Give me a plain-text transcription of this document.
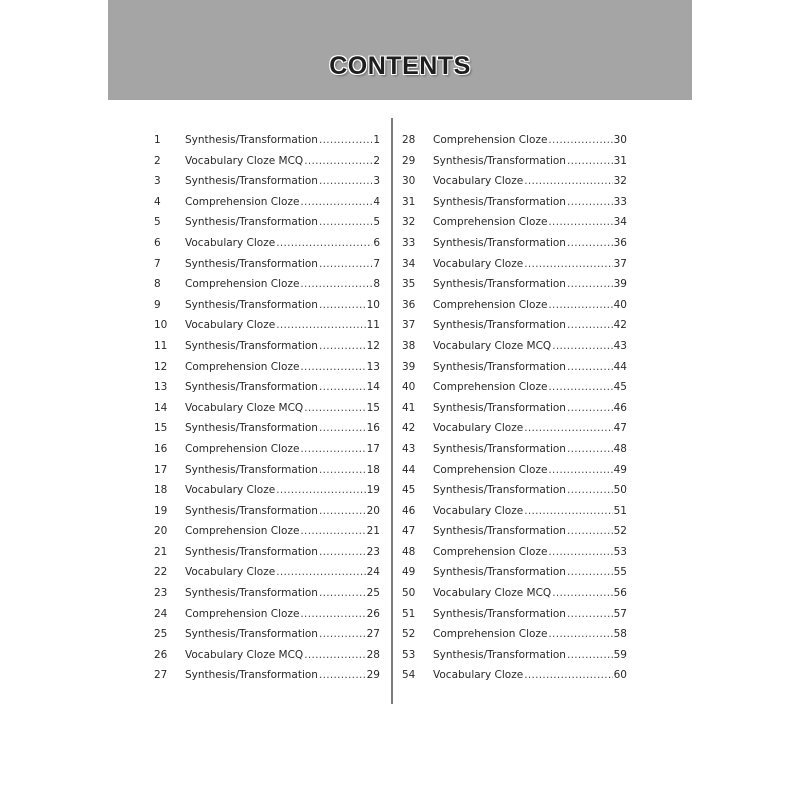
CONTENTS
1	Synthesis/Transformation .....	1
2	Vocabulary Cloze MCQ .....	2
3	Synthesis/Transformation .....	3
4	Comprehension Cloze .....	4
5	Synthesis/Transformation .....	5
6	Vocabulary Cloze .....	6
7	Synthesis/Transformation .....	7
8	Comprehension Cloze .....	8
9	Synthesis/Transformation .....	10
10	Vocabulary Cloze .....	11
11	Synthesis/Transformation .....	12
12	Comprehension Cloze .....	13
13	Synthesis/Transformation .....	14
14	Vocabulary Cloze MCQ .....	15
15	Synthesis/Transformation .....	16
16	Comprehension Cloze .....	17
17	Synthesis/Transformation .....	18
18	Vocabulary Cloze .....	19
19	Synthesis/Transformation .....	20
20	Comprehension Cloze .....	21
21	Synthesis/Transformation .....	23
22	Vocabulary Cloze .....	24
23	Synthesis/Transformation .....	25
24	Comprehension Cloze .....	26
25	Synthesis/Transformation .....	27
26	Vocabulary Cloze MCQ .....	28
27	Synthesis/Transformation .....	29
28	Comprehension Cloze .....	30
29	Synthesis/Transformation .....	31
30	Vocabulary Cloze .....	32
31	Synthesis/Transformation .....	33
32	Comprehension Cloze .....	34
33	Synthesis/Transformation .....	36
34	Vocabulary Cloze .....	37
35	Synthesis/Transformation .....	39
36	Comprehension Cloze .....	40
37	Synthesis/Transformation .....	42
38	Vocabulary Cloze MCQ .....	43
39	Synthesis/Transformation .....	44
40	Comprehension Cloze .....	45
41	Synthesis/Transformation .....	46
42	Vocabulary Cloze .....	47
43	Synthesis/Transformation .....	48
44	Comprehension Cloze .....	49
45	Synthesis/Transformation .....	50
46	Vocabulary Cloze .....	51
47	Synthesis/Transformation .....	52
48	Comprehension Cloze .....	53
49	Synthesis/Transformation .....	55
50	Vocabulary Cloze MCQ .....	56
51	Synthesis/Transformation .....	57
52	Comprehension Cloze .....	58
53	Synthesis/Transformation .....	59
54	Vocabulary Cloze .....	60
